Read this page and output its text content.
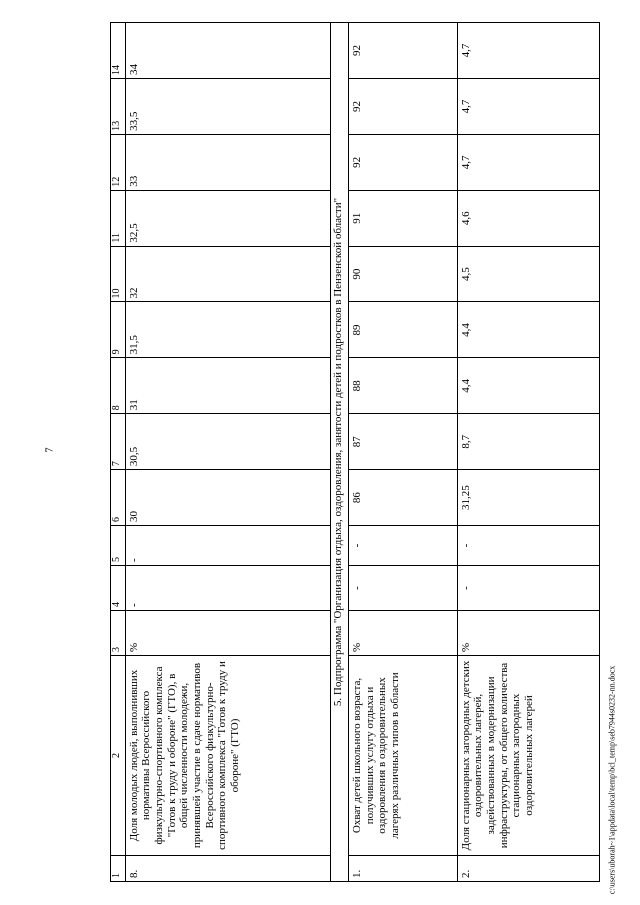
7
1	2	3	4	5	6	7	8	9	10	11	12	13	14
8.	Доля молодых людей, выполнивших нормативы Всероссийского физкультурно-спортивного комплекса "Готов к труду и обороне" (ГТО), в общей численности молодежи, принявшей участие в сдаче нормативов Всероссийского физкультурно-спортивного комплекса "Готов к труду и обороне" (ГТО)	%	-	-	30	30,5	31	31,5	32	32,5	33	33,5	34
5. Подпрограмма "Организация отдыха, оздоровления, занятости детей и подростков в Пензенской области"													
1.	Охват детей школьного возраста, получивших услугу отдыха и оздоровления в оздоровительных лагерях различных типов в области	%	-	-	86	87	88	89	90	91	92	92	92
2.	Доля стационарных загородных детских оздоровительных лагерей, задействованных в модернизации инфраструктуры, от общего количества стационарных загородных оздоровительных лагерей	%	-	-	31,25	8,7	4,4	4,4	4,5	4,6	4,7	4,7	4,7
c:\users\uborah~1\appdata\local\temp\bcl_temp\seb7944s0232-nn.docx
